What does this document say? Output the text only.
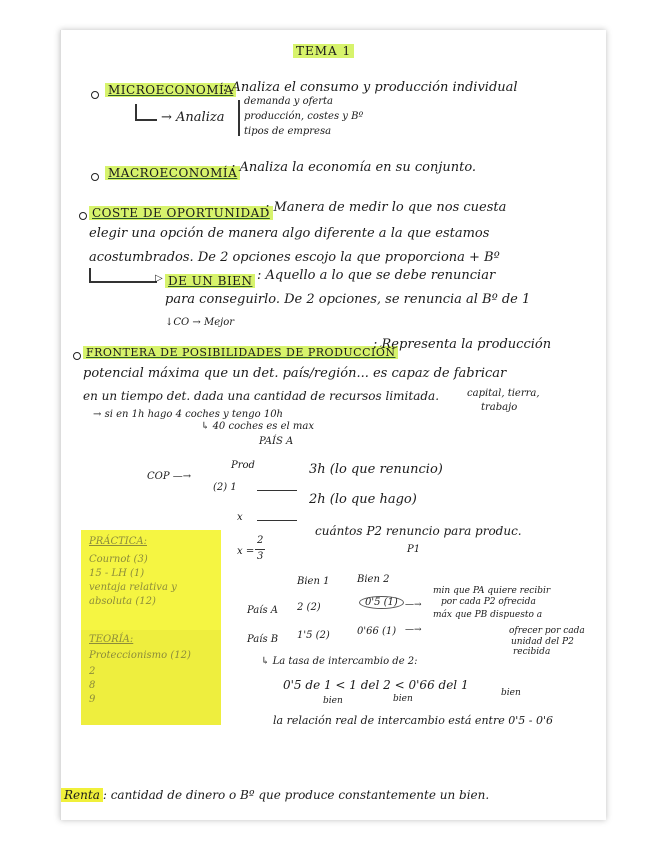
TEMA 1
MICROECONOMÍA
: Analiza el consumo y producción individual
→ Analiza
demanda y oferta
producción, costes y Bº
tipos de empresa
MACROECONOMÍA
: Analiza la economía en su conjunto.
COSTE DE OPORTUNIDAD
: Manera de medir lo que nos cuesta
elegir una opción de manera algo diferente a la que estamos
acostumbrados. De 2 opciones escojo la que proporciona + Bº
▷ DE UN BIEN : Aquello a lo que se debe renunciar
para conseguirlo. De 2 opciones, se renuncia al Bº de 1
↓CO → Mejor
FRONTERA DE POSIBILIDADES DE PRODUCCIÓN
: Representa la producción
potencial máxima que un det. país/región... es capaz de fabricar
en un tiempo det. dada una cantidad de recursos limitada.	capital, tierra,
trabajo
→ si en 1h hago 4 coches y tengo 10h
↳ 40 coches es el max
PAÍS A
Prod
COP —→
(2) 1
3h (lo que renuncio)
x
2h (lo que hago)
x =
2
3
cuántos P2 renuncio para produc.
P1
PRÁCTICA:
Cournot (3)
15 - LH (1)
ventaja relativa y
absoluta (12)
TEORÍA:
Proteccionismo (12)
2
8
9
Bien 1	Bien 2
País A 2 (2)	0'5 (1) —→
min que PA quiere recibir
por cada P2 ofrecida
País B 1'5 (2)	0'66 (1) —→
máx que PB dispuesto a
ofrecer por cada
unidad del P2
recibida
↳ La tasa de intercambio de 2:
0'5 de 1 < 1 del 2 < 0'66 del 1
bien	bien
bien
la relación real de intercambio está entre 0'5 - 0'6
Renta : cantidad de dinero o Bº que produce constantemente un bien.
